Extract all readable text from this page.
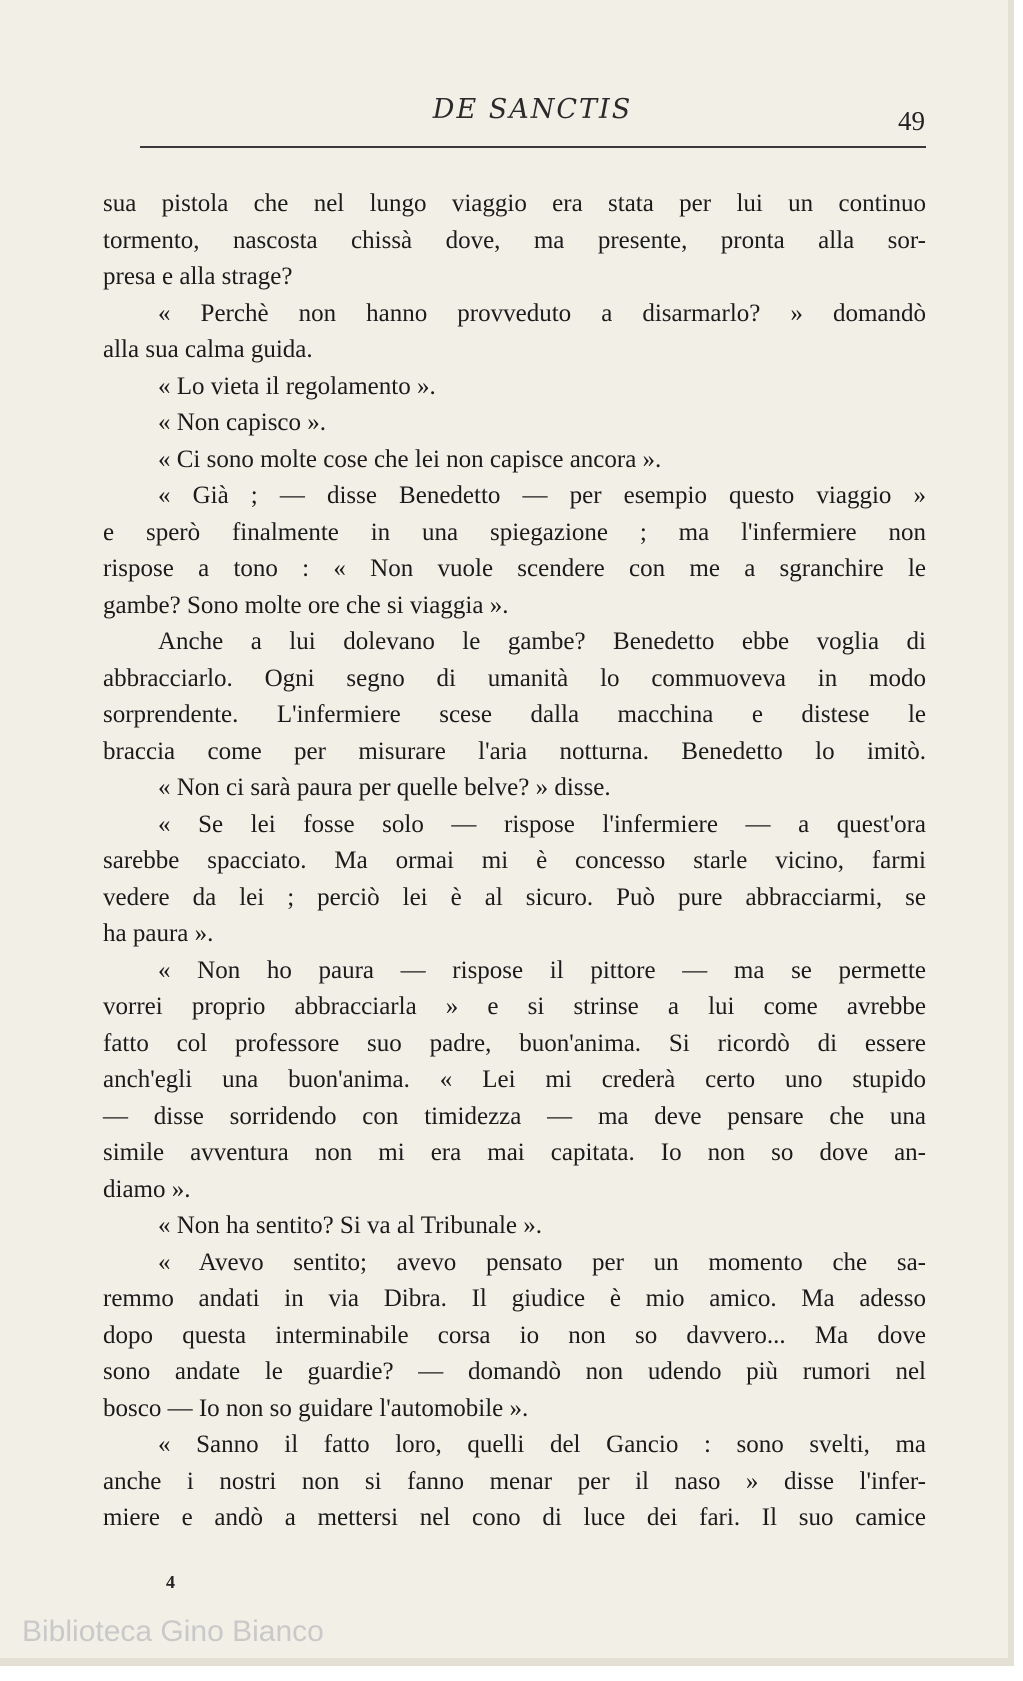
DE SANCTIS	49
sua pistola che nel lungo viaggio era stata per lui un continuo
tormento, nascosta chissà dove, ma presente, pronta alla sor-
presa e alla strage?
« Perchè non hanno provveduto a disarmarlo? » domandò
alla sua calma guida.
« Lo vieta il regolamento ».
« Non capisco ».
« Ci sono molte cose che lei non capisce ancora ».
« Già ; — disse Benedetto — per esempio questo viaggio »
e sperò finalmente in una spiegazione ; ma l'infermiere non
rispose a tono : « Non vuole scendere con me a sgranchire le
gambe? Sono molte ore che si viaggia ».
Anche a lui dolevano le gambe? Benedetto ebbe voglia di
abbracciarlo. Ogni segno di umanità lo commuoveva in modo
sorprendente. L'infermiere scese dalla macchina e distese le
braccia come per misurare l'aria notturna. Benedetto lo imitò.
« Non ci sarà paura per quelle belve? » disse.
« Se lei fosse solo — rispose l'infermiere — a quest'ora
sarebbe spacciato. Ma ormai mi è concesso starle vicino, farmi
vedere da lei ; perciò lei è al sicuro. Può pure abbracciarmi, se
ha paura ».
« Non ho paura — rispose il pittore — ma se permette
vorrei proprio abbracciarla » e si strinse a lui come avrebbe
fatto col professore suo padre, buon'anima. Si ricordò di essere
anch'egli una buon'anima. « Lei mi crederà certo uno stupido
— disse sorridendo con timidezza — ma deve pensare che una
simile avventura non mi era mai capitata. Io non so dove an-
diamo ».
« Non ha sentito? Si va al Tribunale ».
« Avevo sentito; avevo pensato per un momento che sa-
remmo andati in via Dibra. Il giudice è mio amico. Ma adesso
dopo questa interminabile corsa io non so davvero... Ma dove
sono andate le guardie? — domandò non udendo più rumori nel
bosco — Io non so guidare l'automobile ».
« Sanno il fatto loro, quelli del Gancio : sono svelti, ma
anche i nostri non si fanno menar per il naso » disse l'infer-
miere e andò a mettersi nel cono di luce dei fari. Il suo camice
4
Biblioteca Gino Bianco
